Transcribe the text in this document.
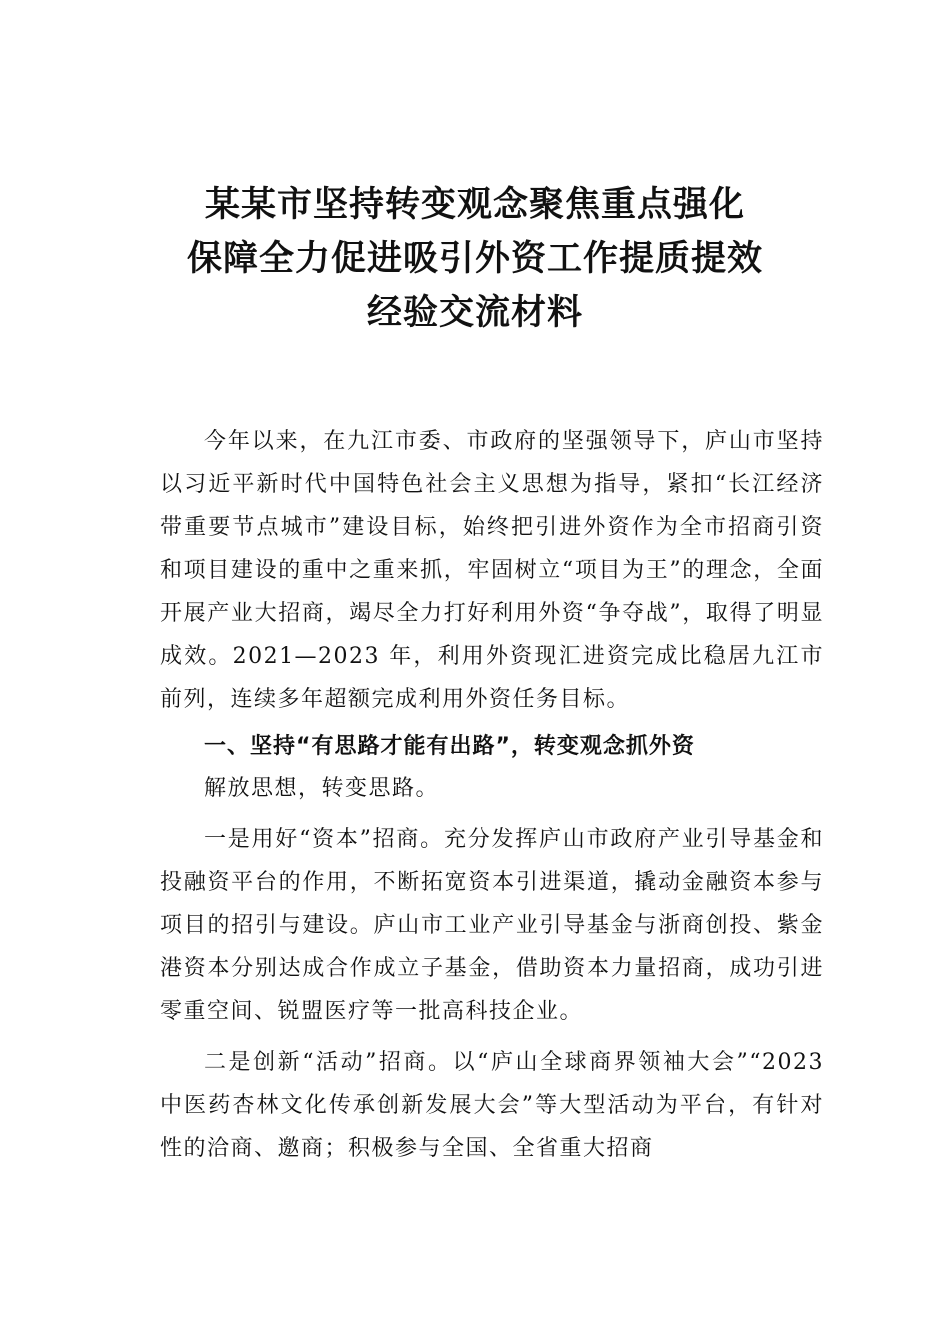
某某市坚持转变观念聚焦重点强化
保障全力促进吸引外资工作提质提效
经验交流材料

今年以来，在九江市委、市政府的坚强领导下，庐山市坚持以习近平新时代中国特色社会主义思想为指导，紧扣“长江经济带重要节点城市”建设目标，始终把引进外资作为全市招商引资和项目建设的重中之重来抓，牢固树立“项目为王”的理念，全面开展产业大招商，竭尽全力打好利用外资“争夺战”，取得了明显成效。2021—2023 年，利用外资现汇进资完成比稳居九江市前列，连续多年超额完成利用外资任务目标。

一、坚持“有思路才能有出路”，转变观念抓外资

解放思想，转变思路。

一是用好“资本”招商。充分发挥庐山市政府产业引导基金和投融资平台的作用，不断拓宽资本引进渠道，撬动金融资本参与项目的招引与建设。庐山市工业产业引导基金与浙商创投、紫金港资本分别达成合作成立子基金，借助资本力量招商，成功引进零重空间、锐盟医疗等一批高科技企业。

二是创新“活动”招商。以“庐山全球商界领袖大会”“2023 中医药杏林文化传承创新发展大会”等大型活动为平台，有针对性的洽商、邀商；积极参与全国、全省重大招商
